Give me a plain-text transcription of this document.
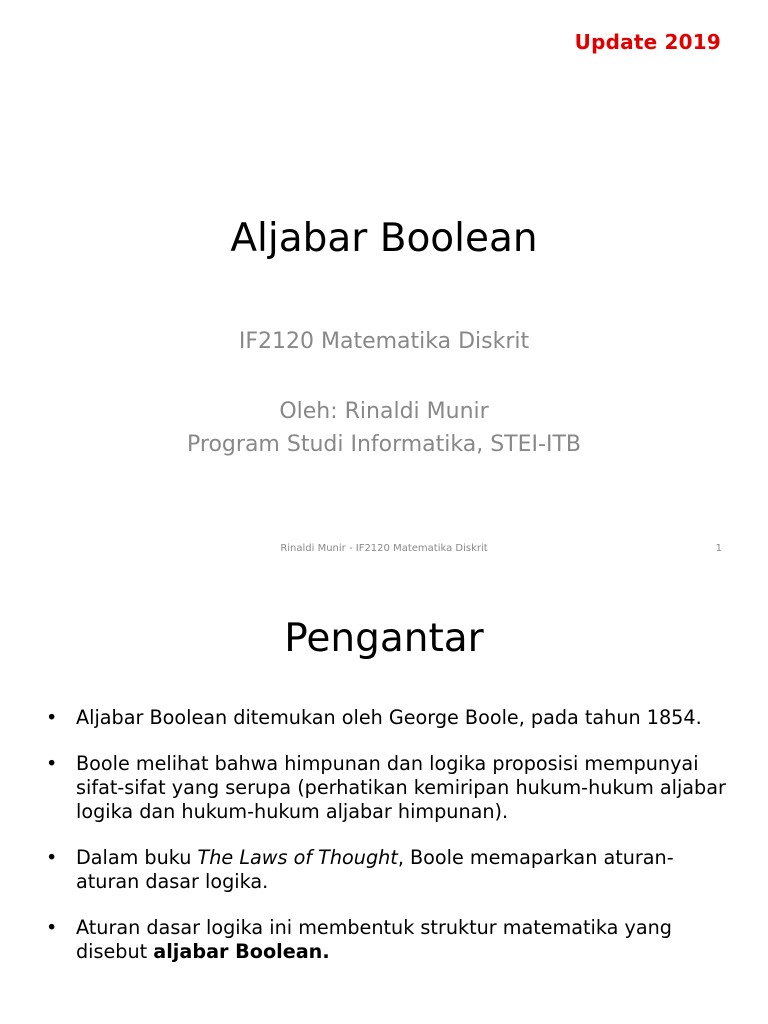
Update 2019
Aljabar Boolean
IF2120 Matematika Diskrit
Oleh: Rinaldi Munir
Program Studi Informatika, STEI-ITB
Rinaldi Munir - IF2120 Matematika Diskrit	1
Pengantar
• Aljabar Boolean ditemukan oleh George Boole, pada tahun 1854.
• Boole melihat bahwa himpunan dan logika proposisi mempunyai sifat-sifat yang serupa (perhatikan kemiripan hukum-hukum aljabar logika dan hukum-hukum aljabar himpunan).
• Dalam buku The Laws of Thought, Boole memaparkan aturan-aturan dasar logika.
• Aturan dasar logika ini membentuk struktur matematika yang disebut aljabar Boolean.
